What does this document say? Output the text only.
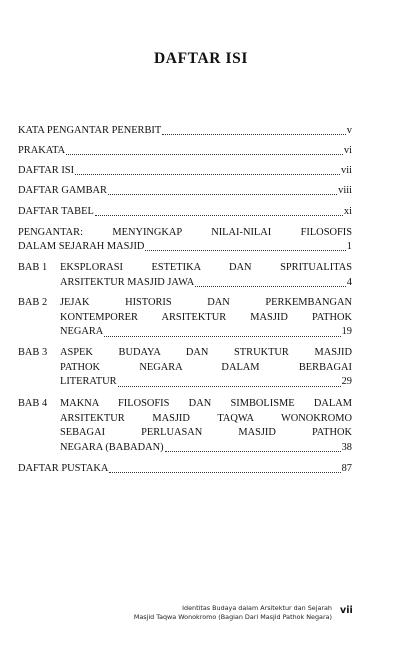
DAFTAR ISI
KATA PENGANTAR PENERBIT	v
PRAKATA	vi
DAFTAR ISI	vii
DAFTAR GAMBAR	viii
DAFTAR TABEL	xi
PENGANTAR: MENYINGKAP NILAI-NILAI FILOSOFIS
DALAM SEJARAH MASJID	1
BAB 1 EKSPLORASI ESTETIKA DAN SPRITUALITAS
ARSITEKTUR MASJID JAWA	4
BAB 2 JEJAK HISTORIS DAN PERKEMBANGAN
KONTEMPORER ARSITEKTUR MASJID PATHOK
NEGARA	19
BAB 3 ASPEK BUDAYA DAN STRUKTUR MASJID
PATHOK NEGARA DALAM BERBAGAI
LITERATUR	29
BAB 4 MAKNA FILOSOFIS DAN SIMBOLISME DALAM
ARSITEKTUR MASJID TAQWA WONOKROMO
SEBAGAI PERLUASAN MASJID PATHOK
NEGARA (BABADAN)	38
DAFTAR PUSTAKA	87
Identitas Budaya dalam Arsitektur dan Sejarah
Masjid Taqwa Wonokromo (Bagian Dari Masjid Pathok Negara)
vii
